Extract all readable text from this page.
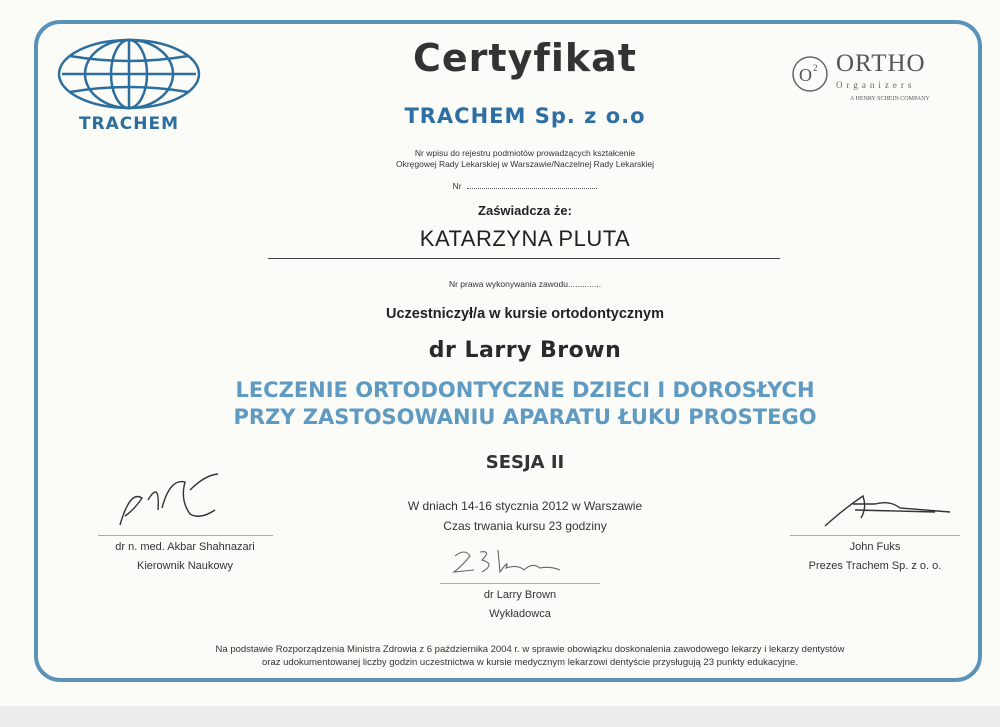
TRACHEM
O 2 ORTHO
Organizers
A HENRY SCHEIN COMPANY
Certyfikat
TRACHEM Sp. z o.o
Nr wpisu do rejestru podmiotów prowadzących kształcenie
Okręgowej Rady Lekarskiej w Warszawie/Naczelnej Rady Lekarskiej
Nr
Zaświadcza że:
KATARZYNA PLUTA
Nr prawa wykonywania zawodu..............
Uczestniczył/a w kursie ortodontycznym
dr Larry Brown
LECZENIE ORTODONTYCZNE DZIECI I DOROSŁYCH
PRZY ZASTOSOWANIU APARATU ŁUKU PROSTEGO
SESJA II
W dniach 14-16 stycznia 2012 w Warszawie
Czas trwania kursu 23 godziny
dr n. med. Akbar Shahnazari
Kierownik Naukowy
John Fuks
Prezes Trachem Sp. z o. o.
dr Larry Brown
Wykładowca
Na podstawie Rozporządzenia Ministra Zdrowia z 6 października 2004 r. w sprawie obowiązku doskonalenia zawodowego lekarzy i lekarzy dentystów
oraz udokumentowanej liczby godzin uczestnictwa w kursie medycznym lekarzowi dentyście przysługują 23 punkty edukacyjne.
